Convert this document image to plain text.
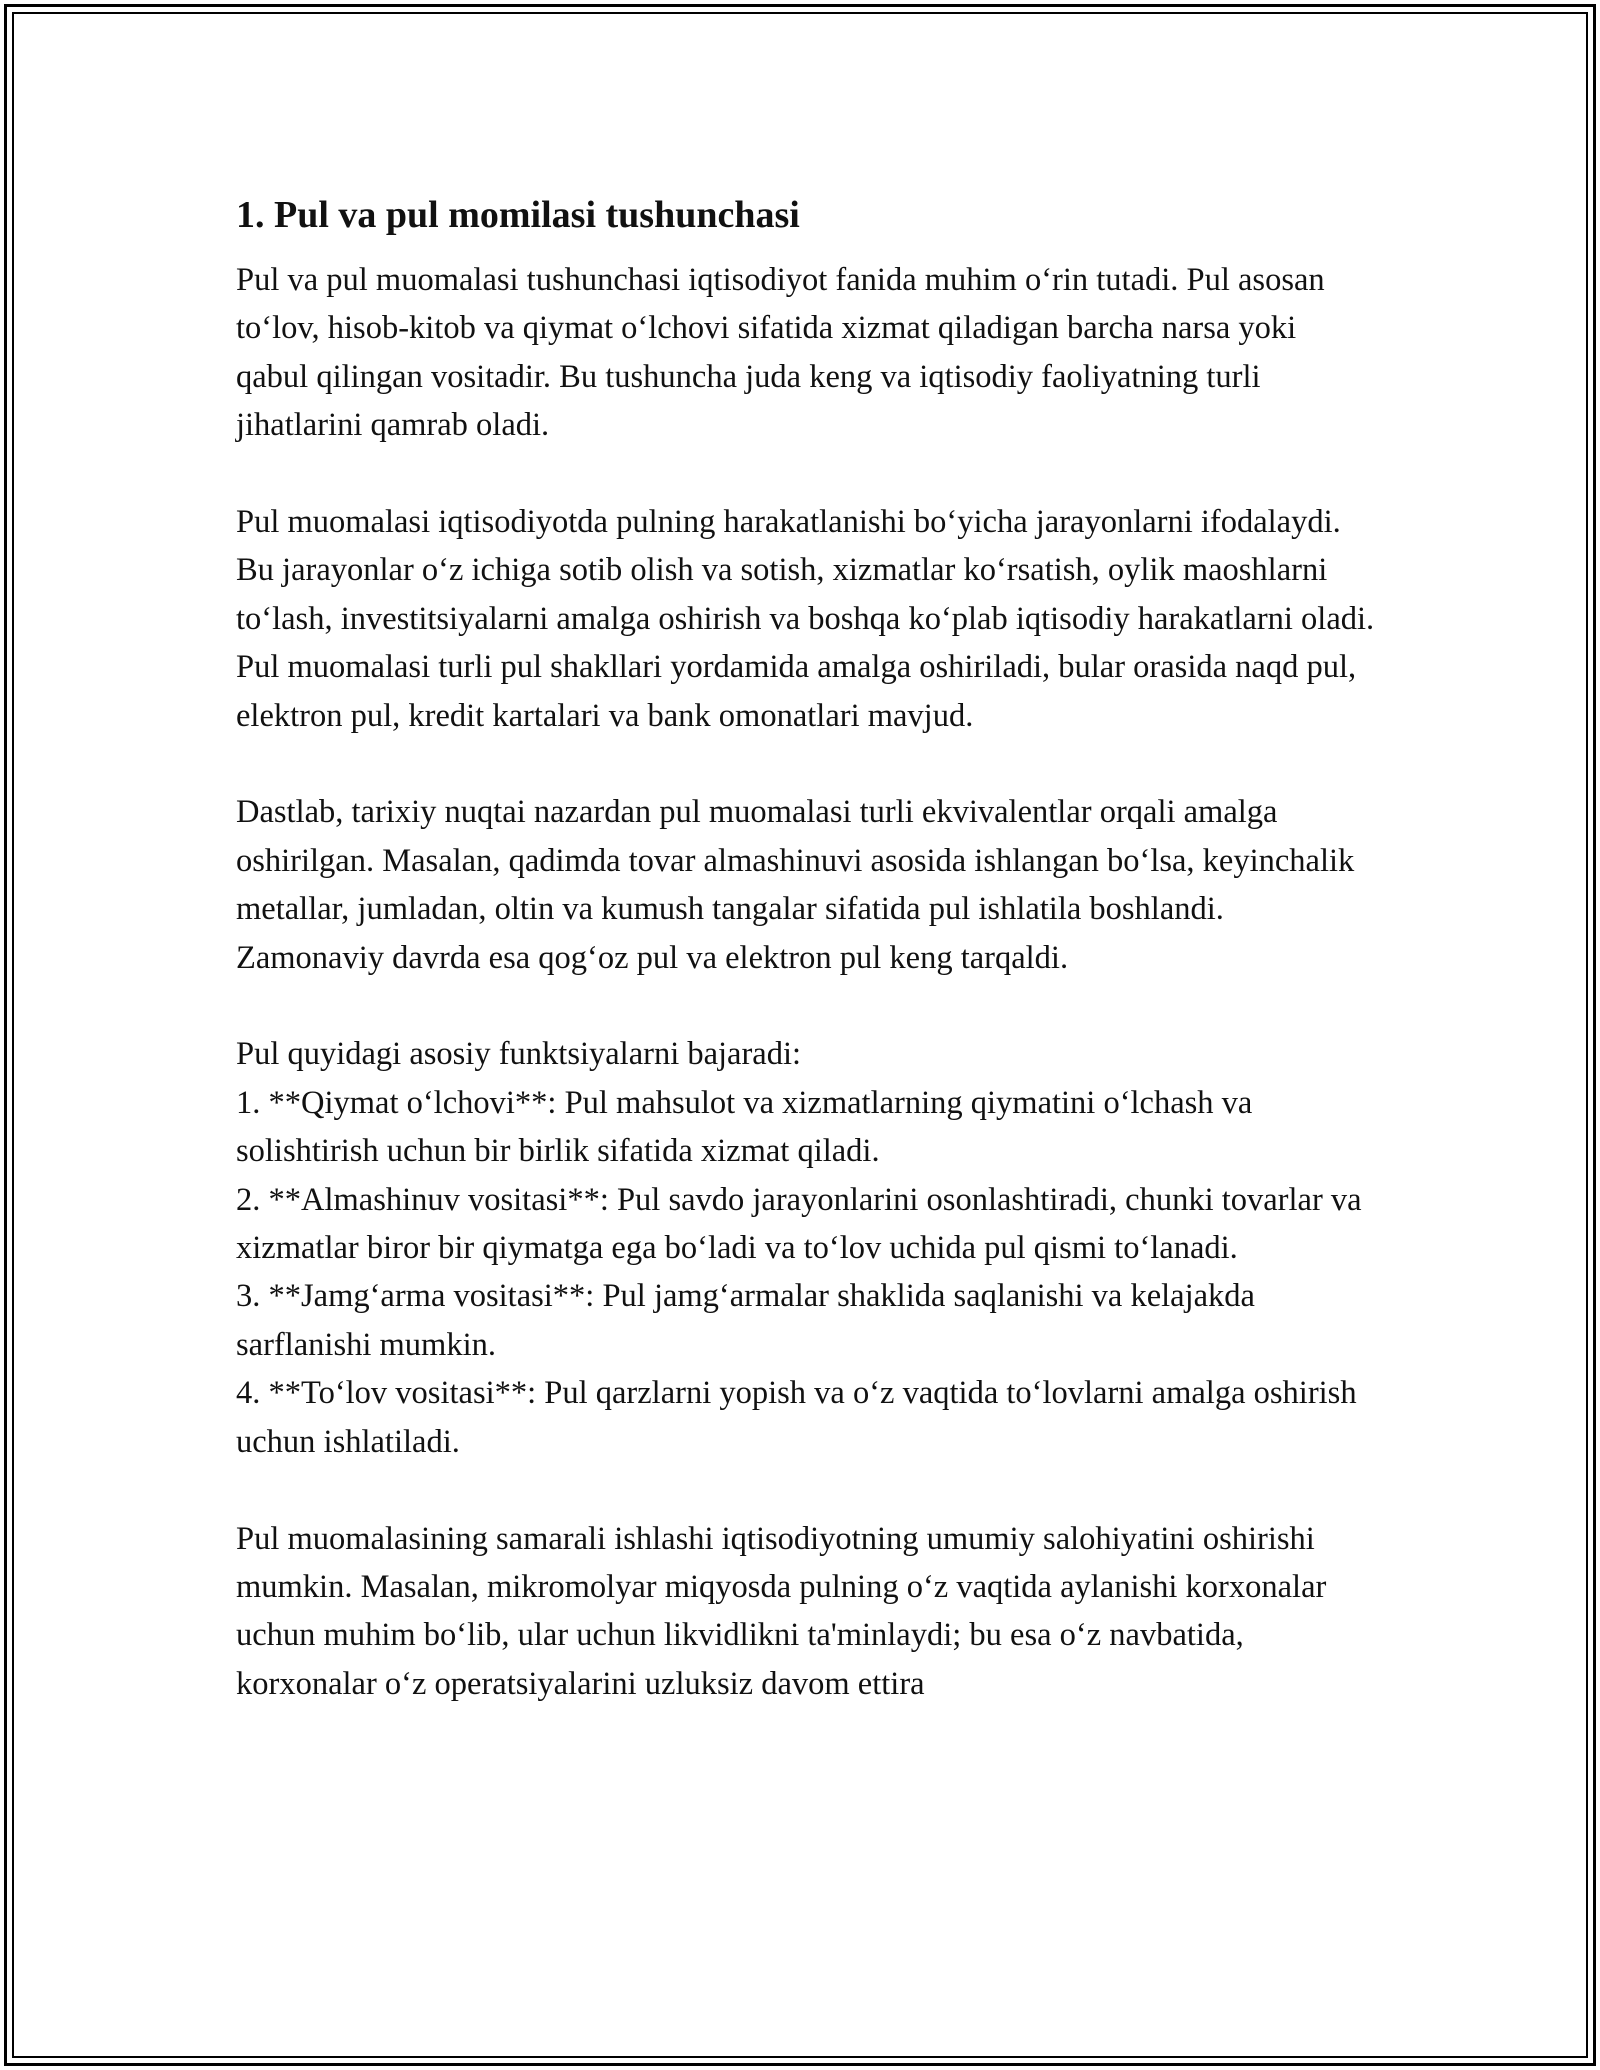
1. Pul va pul momilasi tushunchasi

Pul va pul muomalasi tushunchasi iqtisodiyot fanida muhim o‘rin tutadi. Pul asosan to‘lov, hisob-kitob va qiymat o‘lchovi sifatida xizmat qiladigan barcha narsa yoki qabul qilingan vositadir. Bu tushuncha juda keng va iqtisodiy faoliyatning turli jihatlarini qamrab oladi.

Pul muomalasi iqtisodiyotda pulning harakatlanishi bo‘yicha jarayonlarni ifodalaydi. Bu jarayonlar o‘z ichiga sotib olish va sotish, xizmatlar ko‘rsatish, oylik maoshlarni to‘lash, investitsiyalarni amalga oshirish va boshqa ko‘plab iqtisodiy harakatlarni oladi. Pul muomalasi turli pul shakllari yordamida amalga oshiriladi, bular orasida naqd pul, elektron pul, kredit kartalari va bank omonatlari mavjud.

Dastlab, tarixiy nuqtai nazardan pul muomalasi turli ekvivalentlar orqali amalga oshirilgan. Masalan, qadimda tovar almashinuvi asosida ishlangan bo‘lsa, keyinchalik metallar, jumladan, oltin va kumush tangalar sifatida pul ishlatila boshlandi. Zamonaviy davrda esa qog‘oz pul va elektron pul keng tarqaldi.

Pul quyidagi asosiy funktsiyalarni bajaradi:
1. **Qiymat o‘lchovi**: Pul mahsulot va xizmatlarning qiymatini o‘lchash va solishtirish uchun bir birlik sifatida xizmat qiladi.
2. **Almashinuv vositasi**: Pul savdo jarayonlarini osonlashtiradi, chunki tovarlar va xizmatlar biror bir qiymatga ega bo‘ladi va to‘lov uchida pul qismi to‘lanadi.
3. **Jamg‘arma vositasi**: Pul jamg‘armalar shaklida saqlanishi va kelajakda sarflanishi mumkin.
4. **To‘lov vositasi**: Pul qarzlarni yopish va o‘z vaqtida to‘lovlarni amalga oshirish uchun ishlatiladi.

Pul muomalasining samarali ishlashi iqtisodiyotning umumiy salohiyatini oshirishi mumkin. Masalan, mikromolyar miqyosda pulning o‘z vaqtida aylanishi korxonalar uchun muhim bo‘lib, ular uchun likvidlikni ta'minlaydi; bu esa o‘z navbatida, korxonalar o‘z operatsiyalarini uzluksiz davom ettira
